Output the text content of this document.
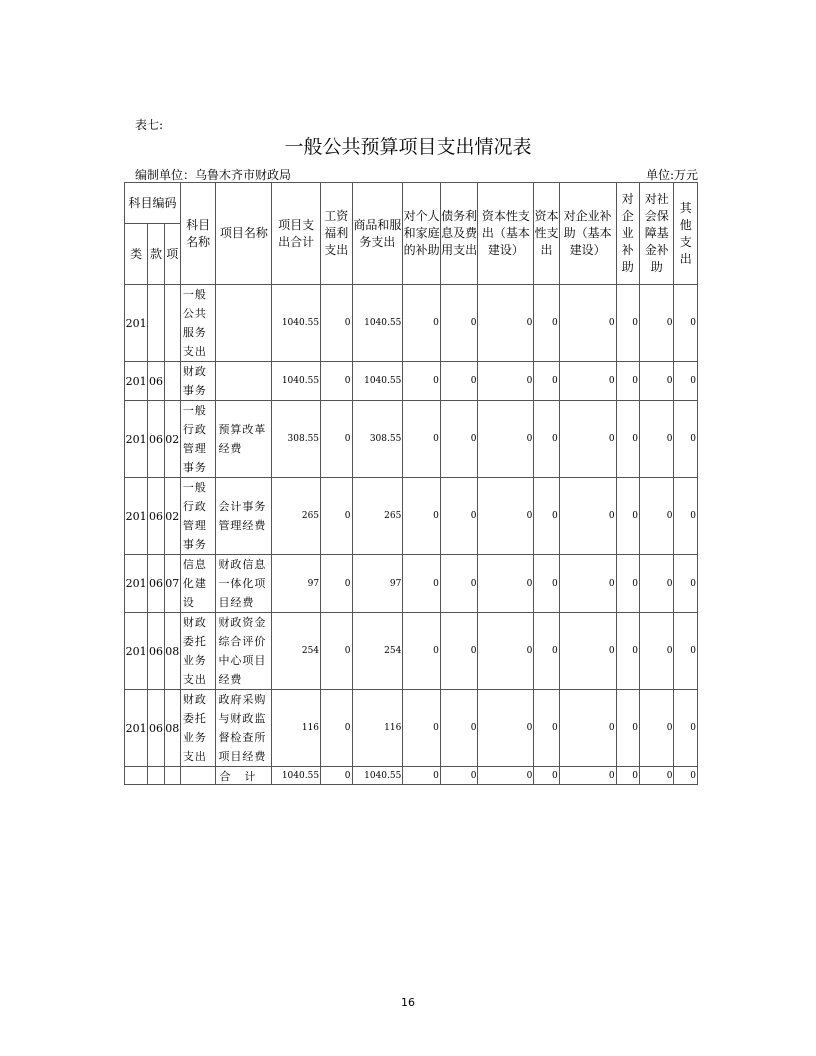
表七:
一般公共预算项目支出情况表
编制单位：乌鲁木齐市财政局	单位:万元
科目编码			科目名称	项目名称	项目支出合计	工资福利支出	商品和服务支出	对个人和家庭的补助	债务利息及费用支出	资本性支出（基本建设）	资本性支出	对企业补助（基本建设）	对企业补助	对社会保障基金补助	其他支出
类	款	项													
201			一般公共服务支出		1040.55	0	1040.55	0	0	0	0	0	0	0	0
201	06		财政事务		1040.55	0	1040.55	0	0	0	0	0	0	0	0
201	06	02	一般行政管理事务	预算改革经费	308.55	0	308.55	0	0	0	0	0	0	0	0
201	06	02	一般行政管理事务	会计事务管理经费	265	0	265	0	0	0	0	0	0	0	0
201	06	07	信息化建设	财政信息一体化项目经费	97	0	97	0	0	0	0	0	0	0	0
201	06	08	财政委托业务支出	财政资金综合评价中心项目经费	254	0	254	0	0	0	0	0	0	0	0
201	06	08	财政委托业务支出	政府采购与财政监督检查所项目经费	116	0	116	0	0	0	0	0	0	0	0
				合计	1040.55	0	1040.55	0	0	0	0	0	0	0	0
16
